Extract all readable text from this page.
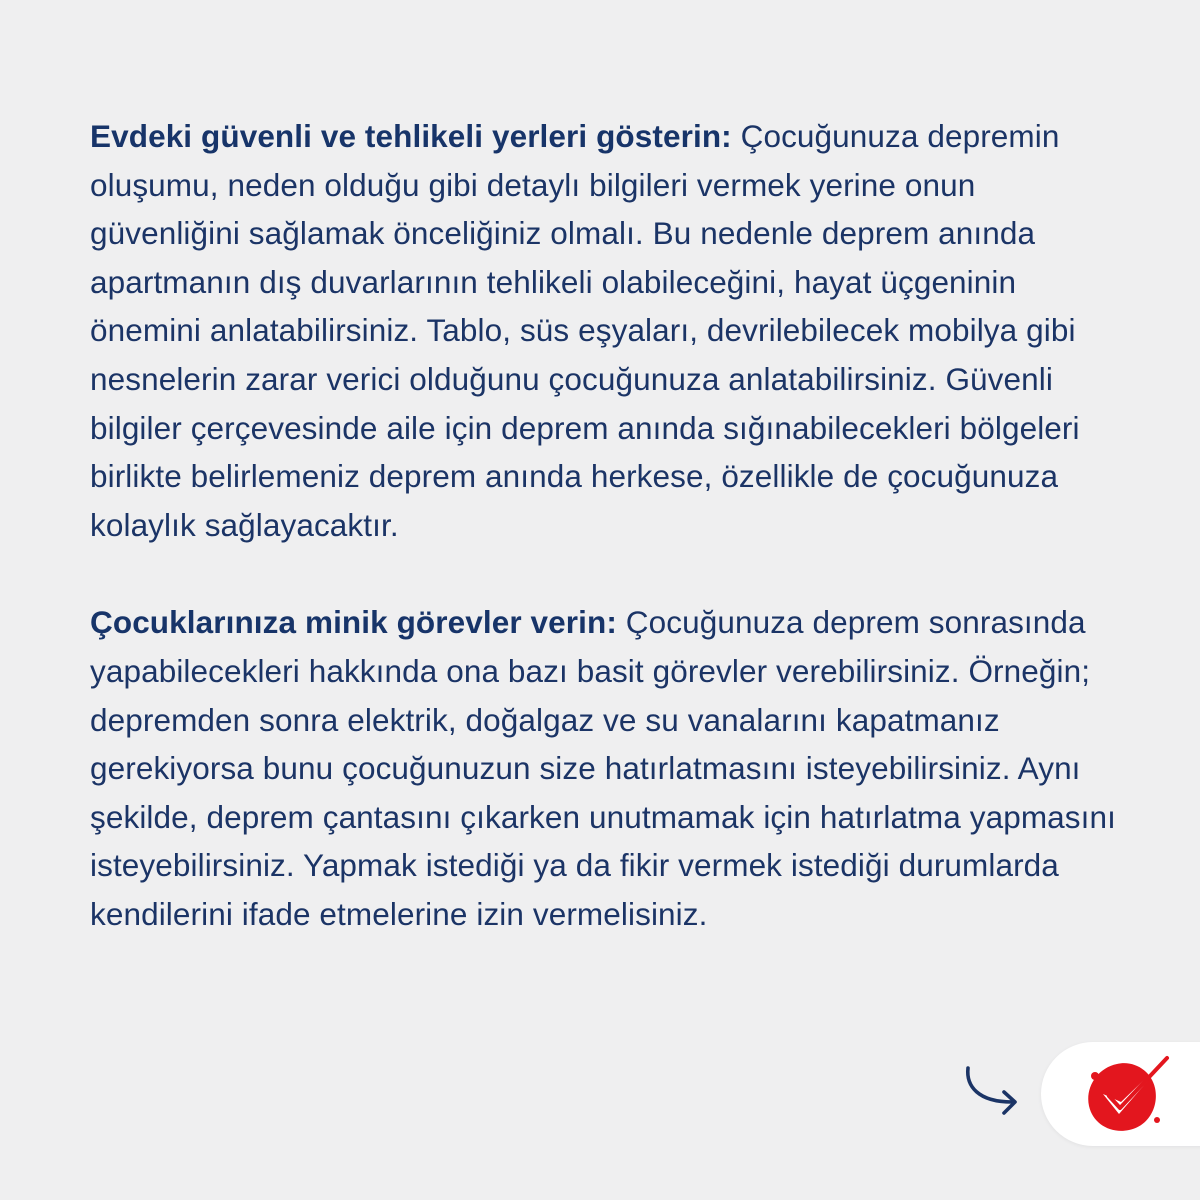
Evdeki güvenli ve tehlikeli yerleri gösterin: Çocuğunuza depremin oluşumu, neden olduğu gibi detaylı bilgileri vermek yerine onun güvenliğini sağlamak önceliğiniz olmalı. Bu nedenle deprem anında apartmanın dış duvarlarının tehlikeli olabileceğini, hayat üçgeninin önemini anlatabilirsiniz. Tablo, süs eşyaları, devrilebilecek mobilya gibi nesnelerin zarar verici olduğunu çocuğunuza anlatabilirsiniz. Güvenli bilgiler çerçevesinde aile için deprem anında sığınabilecekleri bölgeleri birlikte belirlemeniz deprem anında herkese, özellikle de çocuğunuza kolaylık sağlayacaktır.

Çocuklarınıza minik görevler verin: Çocuğunuza deprem sonrasında yapabilecekleri hakkında ona bazı basit görevler verebilirsiniz. Örneğin; depremden sonra elektrik, doğalgaz ve su vanalarını kapatmanız gerekiyorsa bunu çocuğunuzun size hatırlatmasını isteyebilirsiniz. Aynı şekilde, deprem çantasını çıkarken unutmamak için hatırlatma yapmasını isteyebilirsiniz. Yapmak istediği ya da fikir vermek istediği durumlarda kendilerini ifade etmelerine izin vermelisiniz.
